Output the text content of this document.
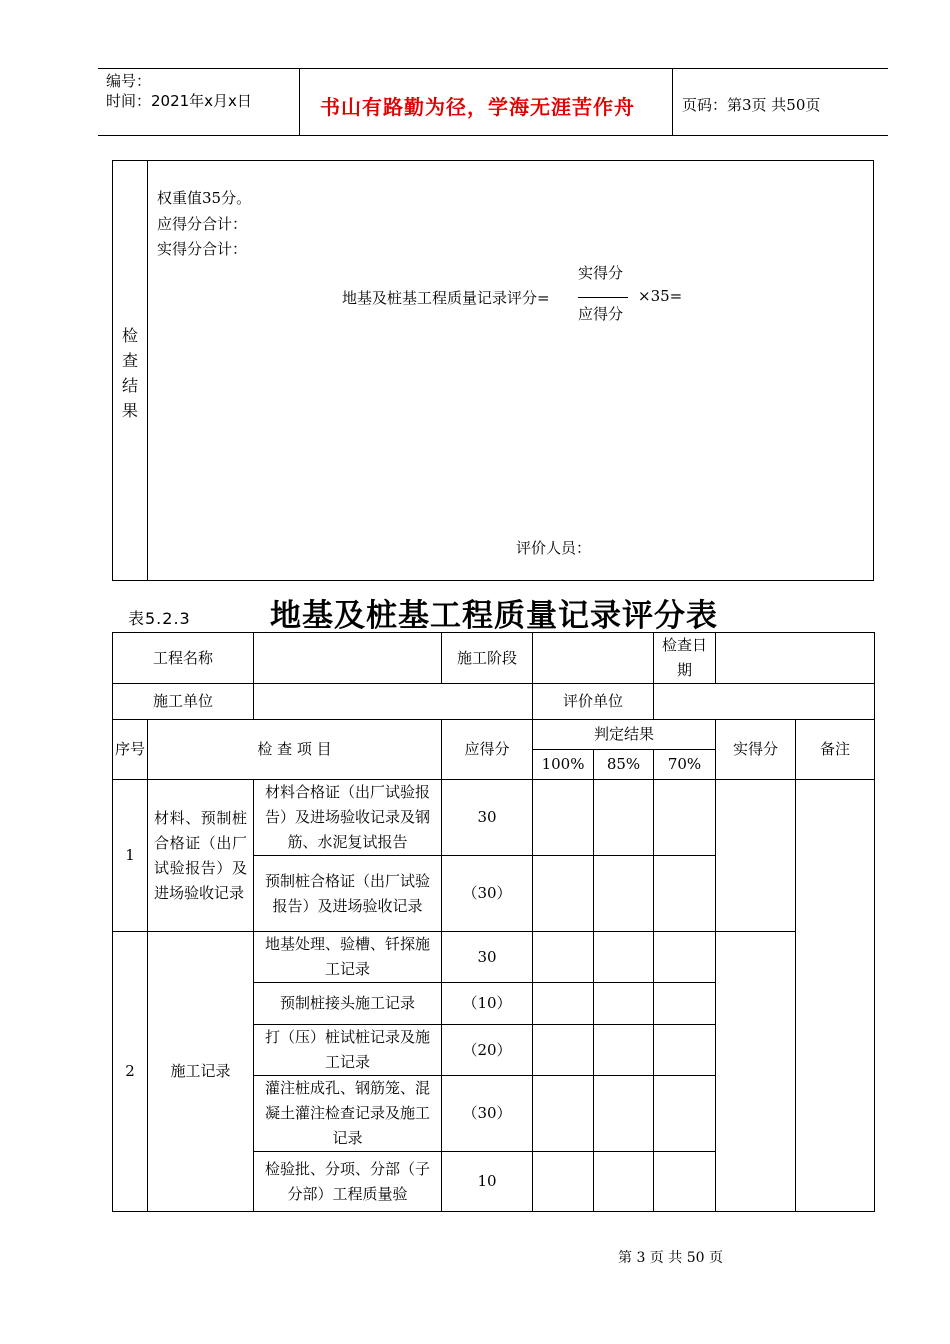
编号：
时间：2021年x月x日	书山有路勤为径，学海无涯苦作舟	页码：第3页 共50页
检
查
结
果
权重值35分。
应得分合计：
实得分合计：
地基及桩基工程质量记录评分=
实得分
应得分
×35=
评价人员：
表5.2.3	地基及桩基工程质量记录评分表
工程名称			施工阶段			检查日期		
施工单位				评价单位				
序号	检 查 项 目		应得分	判定结果			实得分	备注
				100%	85%	70%		
1	材料、预制桩合格证（出厂试验报告）及进场验收记录	材料合格证（出厂试验报告）及进场验收记录及钢筋、水泥复试报告	30					
		预制桩合格证（出厂试验报告）及进场验收记录	（30）					
2	施工记录	地基处理、验槽、钎探施工记录	30					
		预制桩接头施工记录	（10）					
		打（压）桩试桩记录及施工记录	（20）					
		灌注桩成孔、钢筋笼、混凝土灌注检查记录及施工记录	（30）					
		检验批、分项、分部（子分部）工程质量验	10					
第 3 页 共 50 页
